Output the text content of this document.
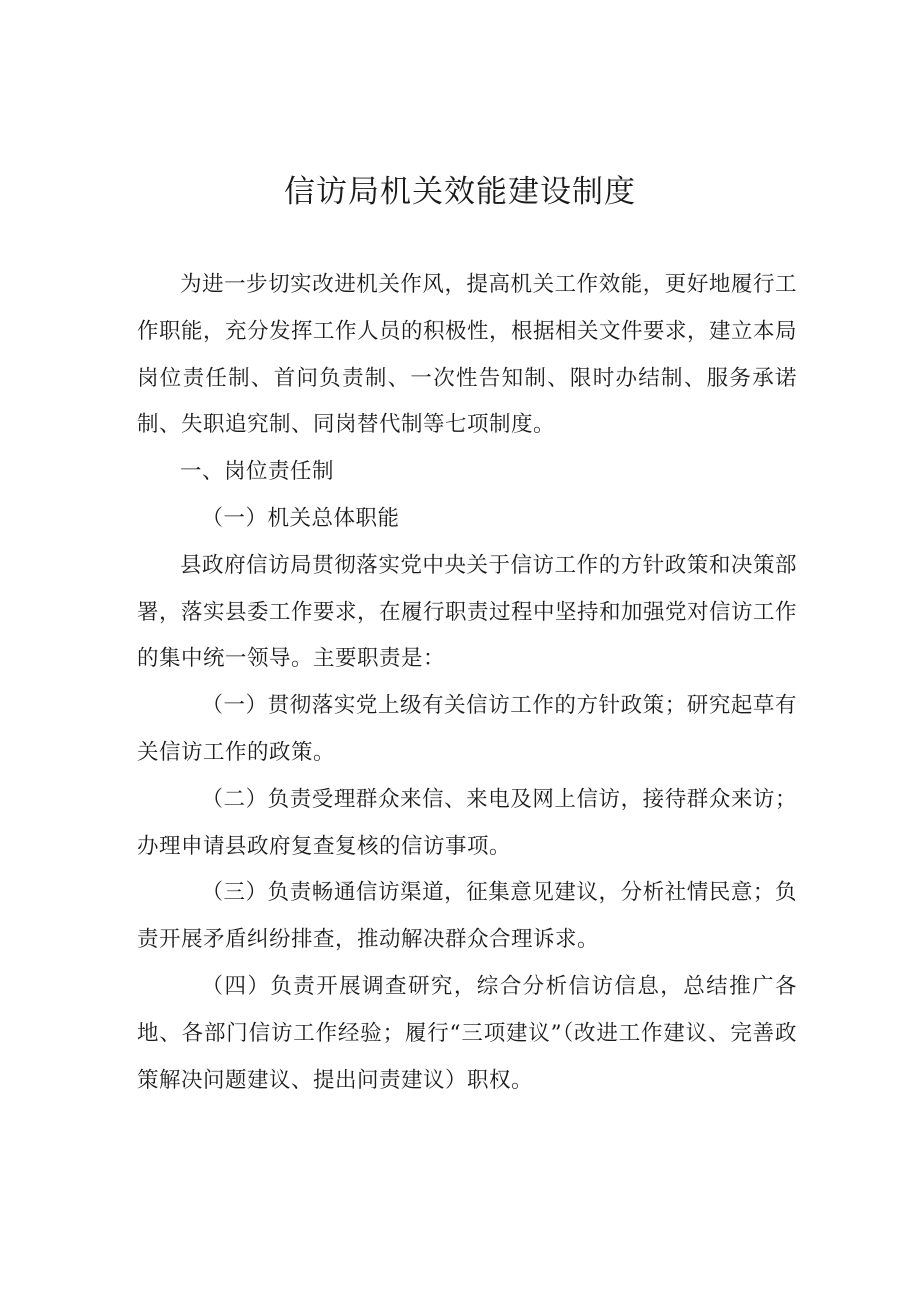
信访局机关效能建设制度

为进一步切实改进机关作风，提高机关工作效能，更好地履行工作职能，充分发挥工作人员的积极性，根据相关文件要求，建立本局岗位责任制、首问负责制、一次性告知制、限时办结制、服务承诺制、失职追究制、同岗替代制等七项制度。

一、岗位责任制

（一）机关总体职能

县政府信访局贯彻落实党中央关于信访工作的方针政策和决策部署，落实县委工作要求，在履行职责过程中坚持和加强党对信访工作的集中统一领导。主要职责是：

（一）贯彻落实党上级有关信访工作的方针政策；研究起草有关信访工作的政策。

（二）负责受理群众来信、来电及网上信访，接待群众来访；办理申请县政府复查复核的信访事项。

（三）负责畅通信访渠道，征集意见建议，分析社情民意；负责开展矛盾纠纷排查，推动解决群众合理诉求。

（四）负责开展调查研究，综合分析信访信息，总结推广各地、各部门信访工作经验；履行“三项建议”（改进工作建议、完善政策解决问题建议、提出问责建议）职权。
